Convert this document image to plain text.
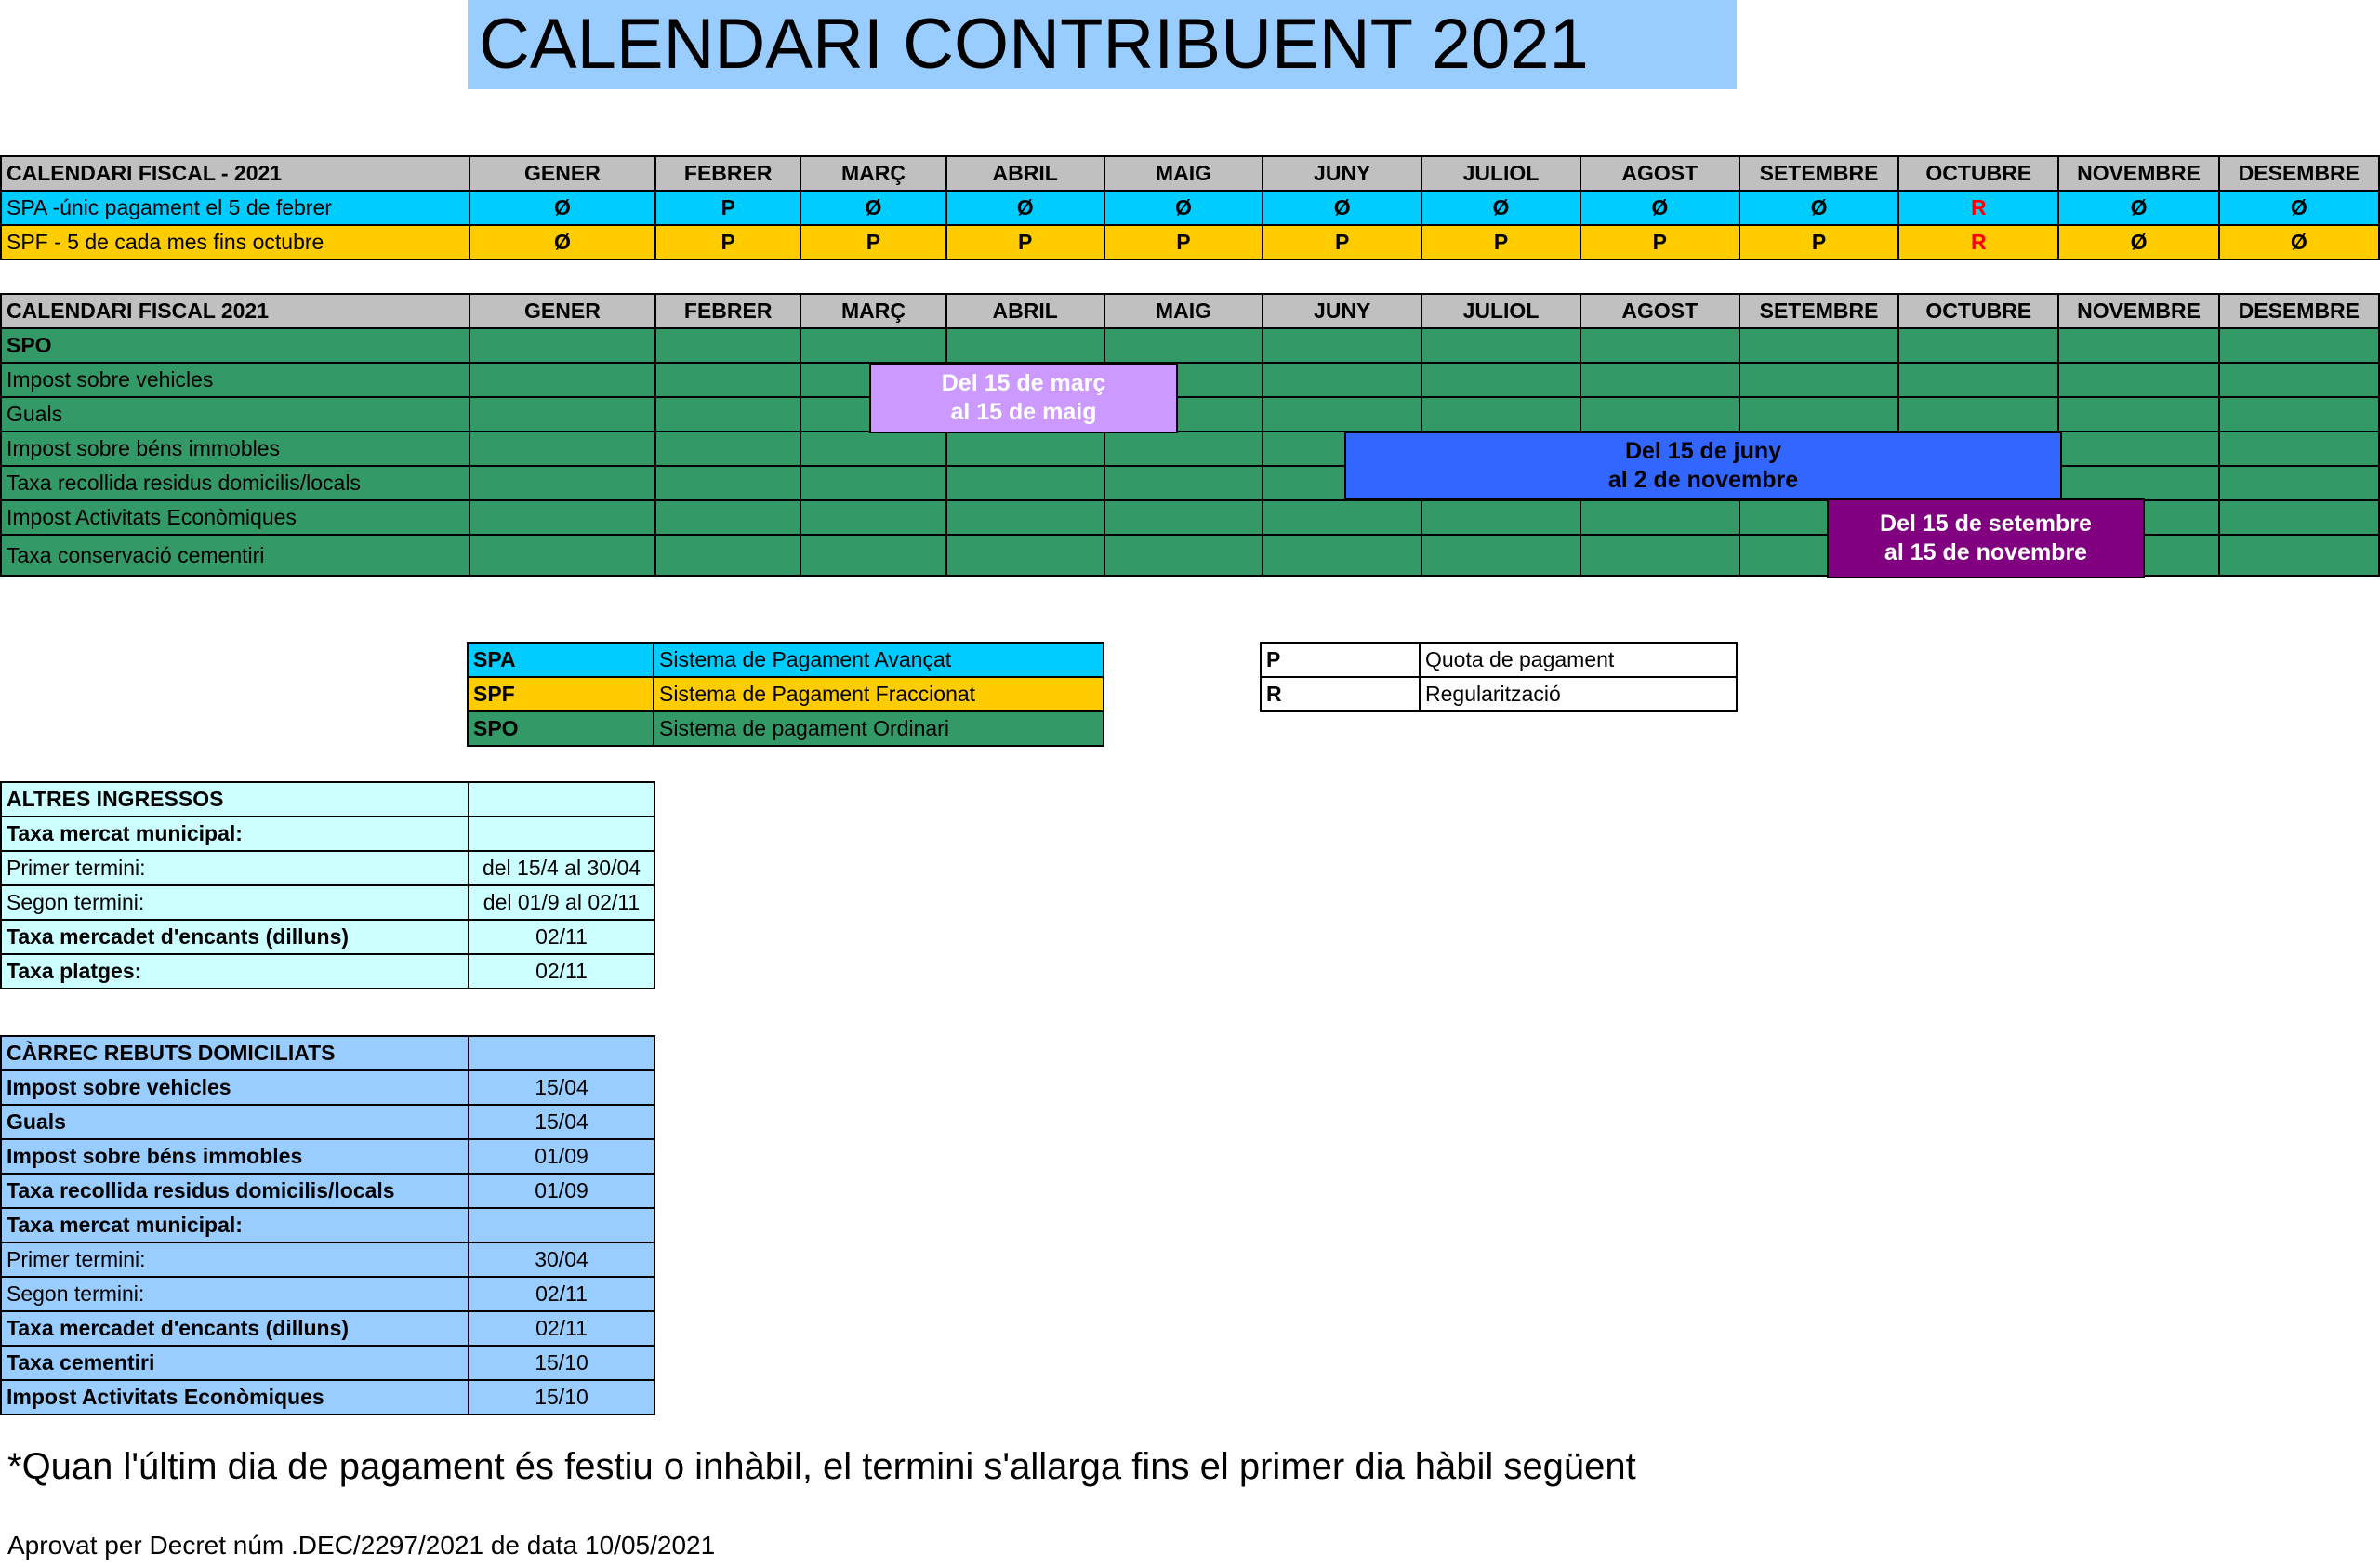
CALENDARI CONTRIBUENT 2021
CALENDARI FISCAL - 2021	GENER	FEBRER	MARÇ	ABRIL	MAIG	JUNY	JULIOL	AGOST	SETEMBRE	OCTUBRE	NOVEMBRE	DESEMBRE
SPA -únic pagament el 5 de febrer	Ø	P	Ø	Ø	Ø	Ø	Ø	Ø	Ø	R	Ø	Ø
SPF - 5 de cada mes fins octubre	Ø	P	P	P	P	P	P	P	P	R	Ø	Ø
CALENDARI FISCAL 2021	GENER	FEBRER	MARÇ	ABRIL	MAIG	JUNY	JULIOL	AGOST	SETEMBRE	OCTUBRE	NOVEMBRE	DESEMBRE
SPO												
Impost sobre vehicles												
Guals												
Impost sobre béns immobles												
Taxa recollida residus domicilis/locals												
Impost Activitats Econòmiques												
Taxa conservació cementiri												
Del 15 de març
al 15 de maig
Del 15 de juny
al 2 de novembre
Del 15 de setembre
al 15 de novembre
SPA	Sistema de Pagament Avançat
SPF	Sistema de Pagament Fraccionat
SPO	Sistema de pagament Ordinari
P	Quota de pagament
R	Regularització
ALTRES INGRESSOS	
Taxa mercat municipal:	
Primer termini:	del 15/4 al 30/04
Segon termini:	del 01/9 al 02/11
Taxa mercadet d'encants (dilluns)	02/11
Taxa platges:	02/11
CÀRREC REBUTS DOMICILIATS	
Impost sobre vehicles	15/04
Guals	15/04
Impost sobre béns immobles	01/09
Taxa recollida residus domicilis/locals	01/09
Taxa mercat municipal:	
Primer termini:	30/04
Segon termini:	02/11
Taxa mercadet d'encants (dilluns)	02/11
Taxa cementiri	15/10
Impost Activitats Econòmiques	15/10
*Quan l'últim dia de pagament és festiu o inhàbil, el termini s'allarga fins el primer dia hàbil següent
Aprovat per Decret núm .DEC/2297/2021 de data 10/05/2021
